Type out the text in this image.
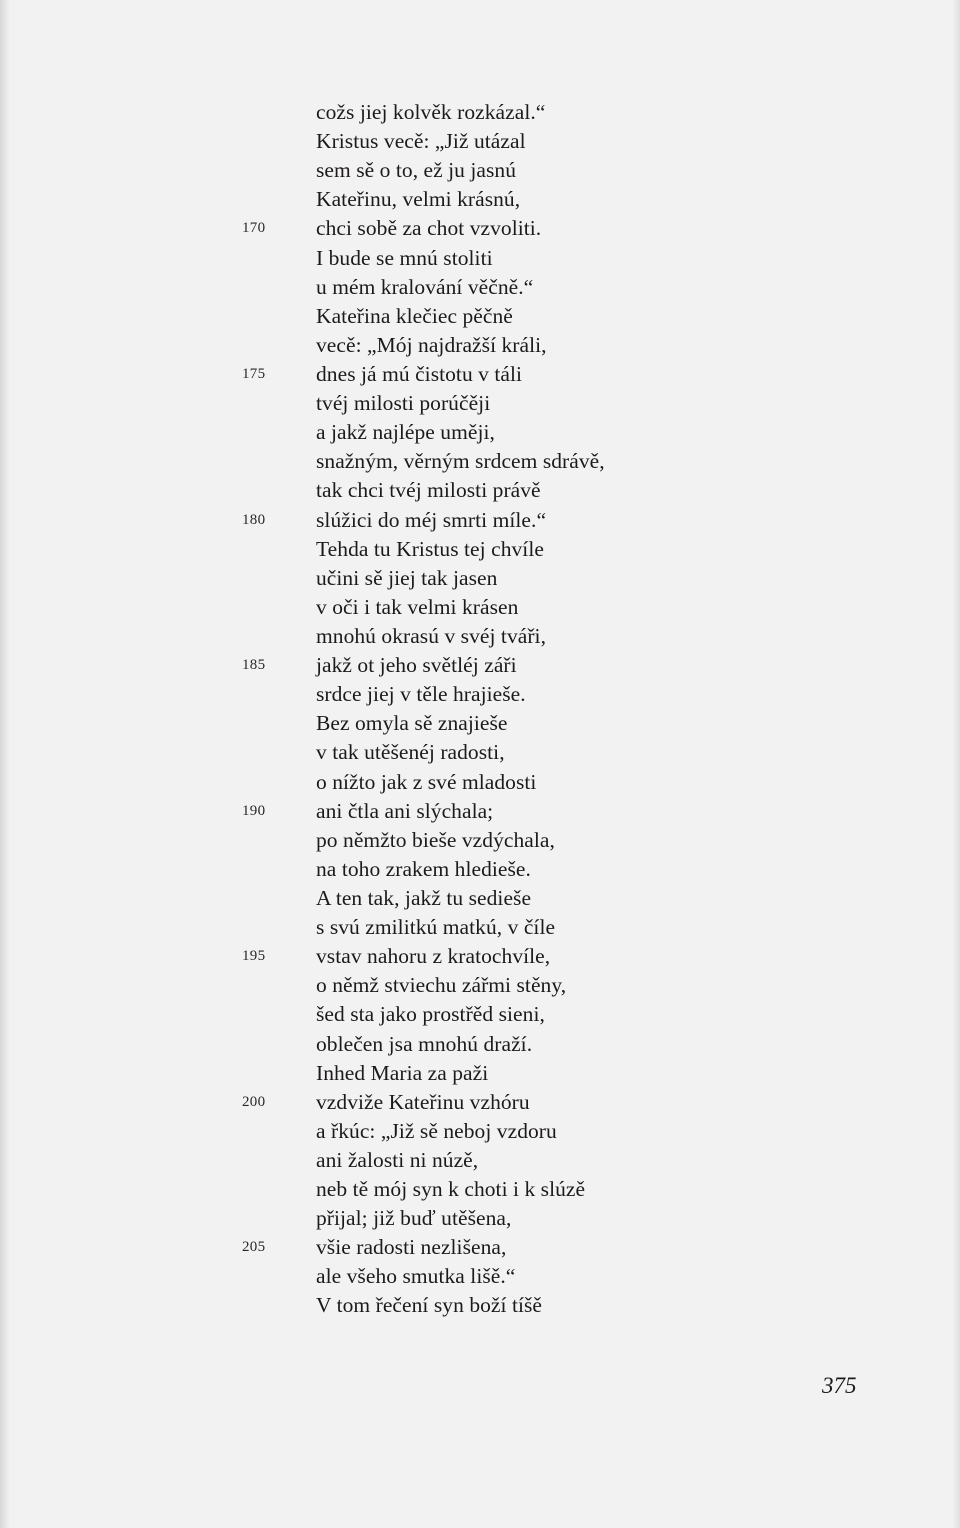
cožs jiej kolvěk rozkázal.“
Kristus vecě: „Již utázal
sem sě o to, ež ju jasnú
Kateřinu, velmi krásnú,
170	chci sobě za chot vzvoliti.
I bude se mnú stoliti
u mém kralování věčně.“
Kateřina klečiec pěčně
vecě: „Mój najdražší králi,
175	dnes já mú čistotu v táli
tvéj milosti porúčěji
a jakž najlépe uměji,
snažným, věrným srdcem sdrávě,
tak chci tvéj milosti právě
180	slúžici do méj smrti míle.“
Tehda tu Kristus tej chvíle
učini sě jiej tak jasen
v oči i tak velmi krásen
mnohú okrasú v svéj tváři,
185	jakž ot jeho světléj záři
srdce jiej v těle hrajieše.
Bez omyla sě znajieše
v tak utěšenéj radosti,
o nížto jak z své mladosti
190	ani čtla ani slýchala;
po němžto bieše vzdýchala,
na toho zrakem hledieše.
A ten tak, jakž tu sedieše
s svú zmilitkú matkú, v číle
195	vstav nahoru z kratochvíle,
o němž stviechu zářmi stěny,
šed sta jako prostřěd sieni,
oblečen jsa mnohú draží.
Inhed Maria za paži
200	vzdviže Kateřinu vzhóru
a řkúc: „Již sě neboj vzdoru
ani žalosti ni núzě,
neb tě mój syn k choti i k slúzě
přijal; již buď utěšena,
205	všie radosti nezlišena,
ale všeho smutka lišě.“
V tom řečení syn boží tíšě
375
